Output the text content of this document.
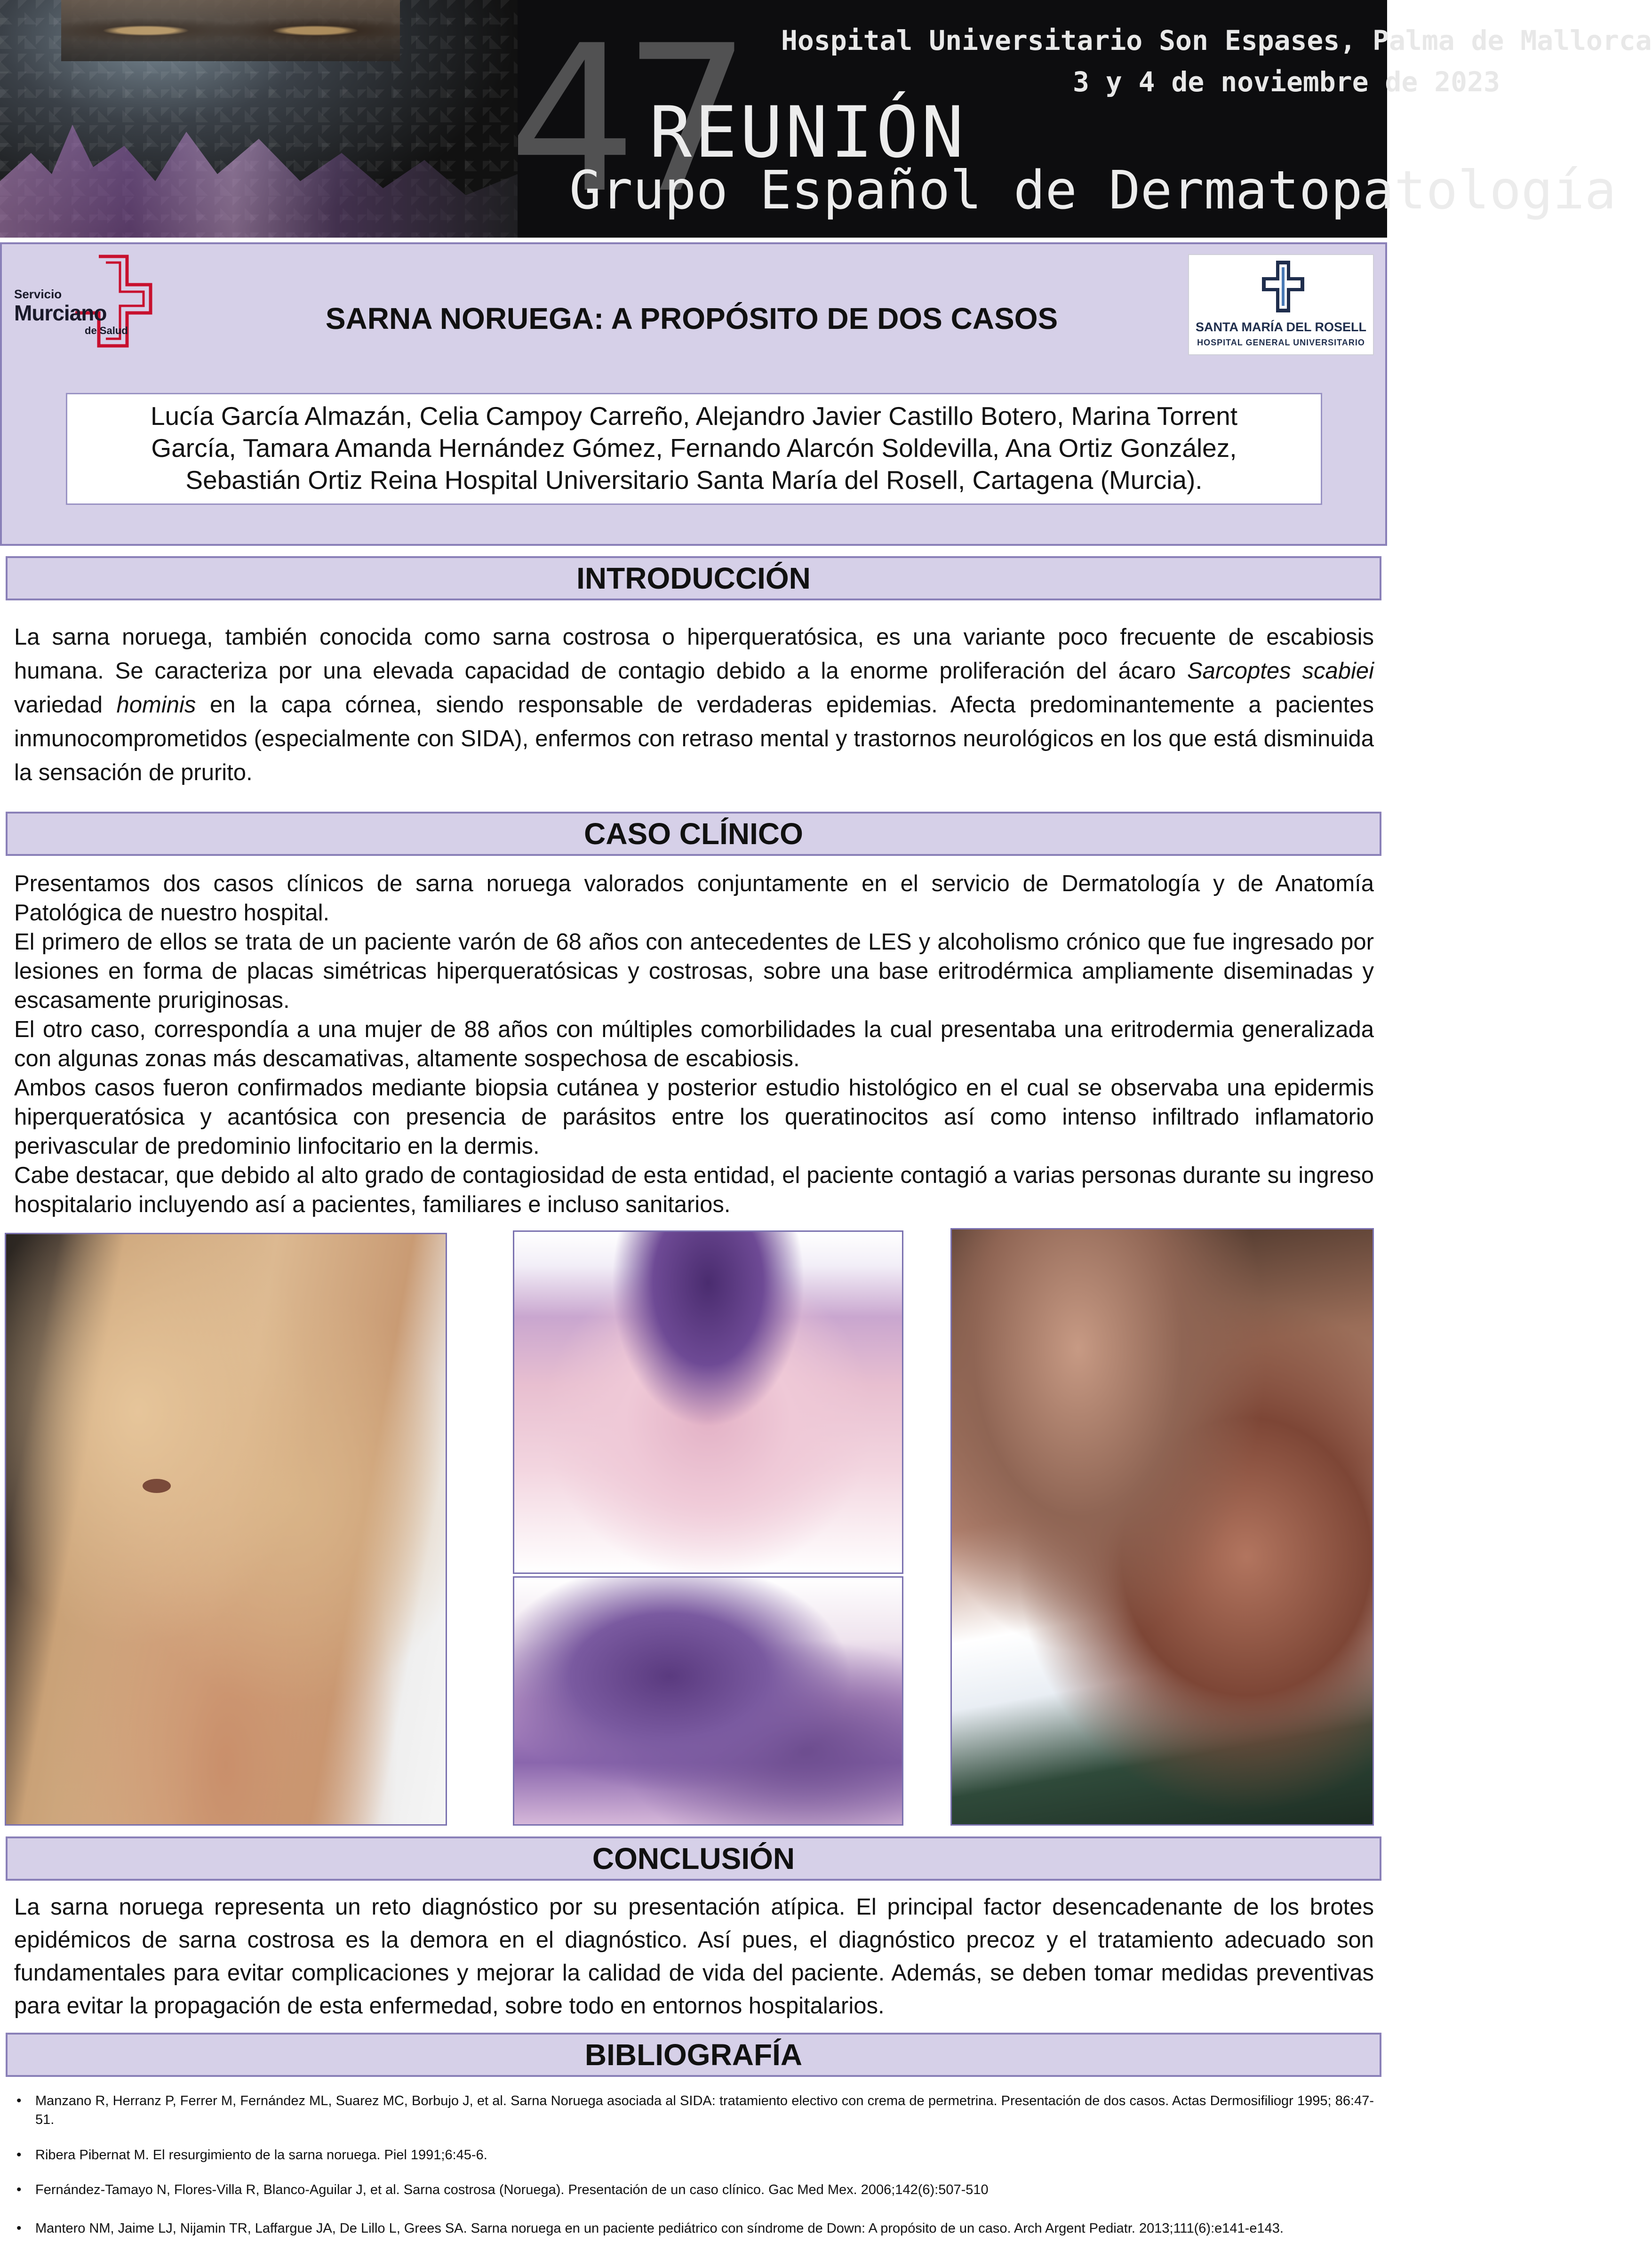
47 Hospital Universitario Son Espases, Palma de Mallorca
3 y 4 de noviembre de 2023
REUNIÓN
Grupo Español de Dermatopatología
Servicio
Murciano
de Salud	SANTA MARÍA DEL ROSELL
HOSPITAL GENERAL UNIVERSITARIO
SARNA NORUEGA: A PROPÓSITO DE DOS CASOS
Lucía García Almazán, Celia Campoy Carreño, Alejandro Javier Castillo Botero, Marina Torrent
García, Tamara Amanda Hernández Gómez, Fernando Alarcón Soldevilla, Ana Ortiz González,
Sebastián Ortiz Reina Hospital Universitario Santa María del Rosell, Cartagena (Murcia).
INTRODUCCIÓN
La sarna noruega, también conocida como sarna costrosa o hiperqueratósica, es una variante poco frecuente de escabiosis humana. Se caracteriza por una elevada capacidad de contagio debido a la enorme proliferación del ácaro Sarcoptes scabiei variedad hominis en la capa córnea, siendo responsable de verdaderas epidemias. Afecta predominantemente a pacientes inmunocomprometidos (especialmente con SIDA), enfermos con retraso mental y trastornos neurológicos en los que está disminuida la sensación de prurito.
CASO CLÍNICO

Presentamos dos casos clínicos de sarna noruega valorados conjuntamente en el servicio de Dermatología y de Anatomía Patológica de nuestro hospital.

El primero de ellos se trata de un paciente varón de 68 años con antecedentes de LES y alcoholismo crónico que fue ingresado por lesiones en forma de placas simétricas hiperqueratósicas y costrosas, sobre una base eritrodérmica ampliamente diseminadas y escasamente pruriginosas.

El otro caso, correspondía a una mujer de 88 años con múltiples comorbilidades la cual presentaba una eritrodermia generalizada con algunas zonas más descamativas, altamente sospechosa de escabiosis.

Ambos casos fueron confirmados mediante biopsia cutánea y posterior estudio histológico en el cual se observaba una epidermis hiperqueratósica y acantósica con presencia de parásitos entre los queratinocitos así como intenso infiltrado inflamatorio perivascular de predominio linfocitario en la dermis.

Cabe destacar, que debido al alto grado de contagiosidad de esta entidad, el paciente contagió a varias personas durante su ingreso hospitalario incluyendo así a pacientes, familiares e incluso sanitarios.

CONCLUSIÓN
La sarna noruega representa un reto diagnóstico por su presentación atípica. El principal factor desencadenante de los brotes epidémicos de sarna costrosa es la demora en el diagnóstico. Así pues, el diagnóstico precoz y el tratamiento adecuado son fundamentales para evitar complicaciones y mejorar la calidad de vida del paciente. Además, se deben tomar medidas preventivas para evitar la propagación de esta enfermedad, sobre todo en entornos hospitalarios.
BIBLIOGRAFÍA
•	Manzano R, Herranz P, Ferrer M, Fernández ML, Suarez MC, Borbujo J, et al. Sarna Noruega asociada al SIDA: tratamiento electivo con crema de permetrina. Presentación de dos casos. Actas Dermosifiliogr 1995; 86:47-51.
•	Ribera Pibernat M. El resurgimiento de la sarna noruega. Piel 1991;6:45-6.
•	Fernández-Tamayo N, Flores-Villa R, Blanco-Aguilar J, et al. Sarna costrosa (Noruega). Presentación de un caso clínico. Gac Med Mex. 2006;142(6):507-510
•	Mantero NM, Jaime LJ, Nijamin TR, Laffargue JA, De Lillo L, Grees SA. Sarna noruega en un paciente pediátrico con síndrome de Down: A propósito de un caso. Arch Argent Pediatr. 2013;111(6):e141-e143.
